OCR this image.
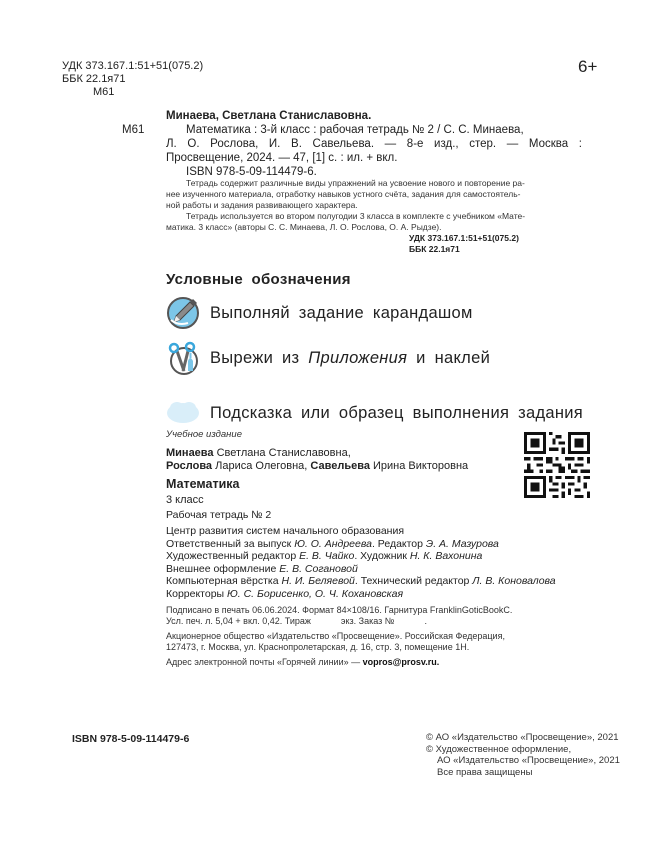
УДК 373.167.1:51+51(075.2)
ББК 22.1я71
М61
6+
Минаева, Светлана Станиславовна.
М61	Математика : 3-й класс : рабочая тетрадь № 2 / С. С. Минаева,
Л. О. Рослова, И. В. Савельева. — 8-е изд., стер. — Москва :
Просвещение, 2024. — 47, [1] с. : ил. + вкл.
ISBN 978-5-09-114479-6.
Тетрадь содержит различные виды упражнений на усвоение нового и повторение ра-
нее изученного материала, отработку навыков устного счёта, задания для самостоятель-
ной работы и задания развивающего характера.
Тетрадь используется во втором полугодии 3 класса в комплекте с учебником «Мате-
матика. 3 класс» (авторы С. С. Минаева, Л. О. Рослова, О. А. Рыдзе).
УДК 373.167.1:51+51(075.2)
ББК 22.1я71
Условные обозначения
Выполняй задание карандашом
Вырежи из Приложения и наклей
Подсказка или образец выполнения задания
Учебное издание
Минаева Светлана Станиславовна,
Рослова Лариса Олеговна, Савельева Ирина Викторовна
Математика
3 класс
Рабочая тетрадь № 2
Центр развития систем начального образования
Ответственный за выпуск Ю. О. Андреева. Редактор Э. А. Мазурова
Художественный редактор Е. В. Чайко. Художник Н. К. Вахонина
Внешнее оформление Е. В. Согановой
Компьютерная вёрстка Н. И. Беляевой. Технический редактор Л. В. Коновалова
Корректоры Ю. С. Борисенко, О. Ч. Кохановская
Подписано в печать 06.06.2024. Формат 84×108/16. Гарнитура FranklinGoticBookC.
Усл. печ. л. 5,04 + вкл. 0,42. Тираж            экз. Заказ №            .
Акционерное общество «Издательство «Просвещение». Российская Федерация,
127473, г. Москва, ул. Краснопролетарская, д. 16, стр. 3, помещение 1Н.
Адрес электронной почты «Горячей линии» — vopros@prosv.ru.
ISBN 978-5-09-114479-6	© АО «Издательство «Просвещение», 2021
© Художественное оформление,
АО «Издательство «Просвещение», 2021
Все права защищены
